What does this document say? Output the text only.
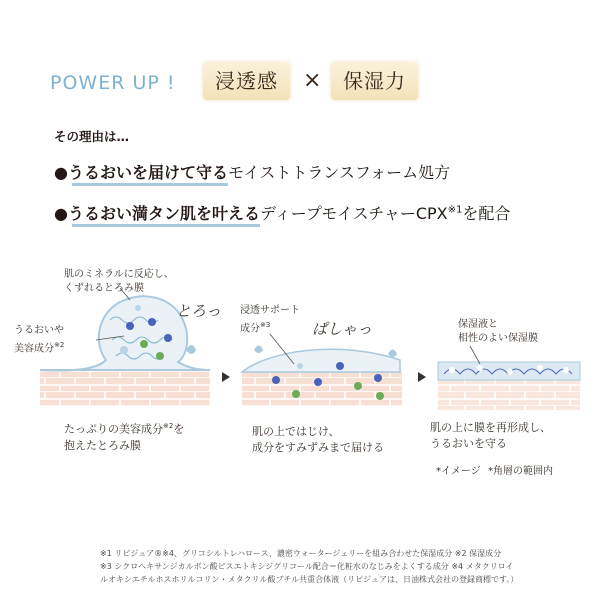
POWER UP !	浸透感	×	保湿力
その理由は…
●うるおいを届けて守るモイストトランスフォーム処方
●うるおい満タン肌を叶えるディープモイスチャーCPX$^{※1}$を配合
肌のミネラルに反応し、
くずれるとろみ膜
うるおいや
美容成分$^{※2}$
とろっ
たっぷりの美容成分$^{※2}$を
抱えたとろみ膜
浸透サポート
成分$^{※3}$	ぱしゃっ
肌の上ではじけ、
成分をすみずみまで届ける
保湿液と
相性のよい保湿膜
肌の上に膜を再形成し、
うるおいを守る
*イメージ *角層の範囲内
※1 リピジュア®※4、グリコシルトレハロース、濃密ウォータージェリーを組み合わせた保湿成分 ※2 保湿成分
※3 シクロヘキサンジカルボン酸ビスエトキシジグリコール配合＝化粧水のなじみをよくする成分 ※4 メタクリロイ
ルオキシエチルホスホリルコリン・メタクリル酸ブチル共重合体液（リピジュアは、日油株式会社の登録商標です。）
